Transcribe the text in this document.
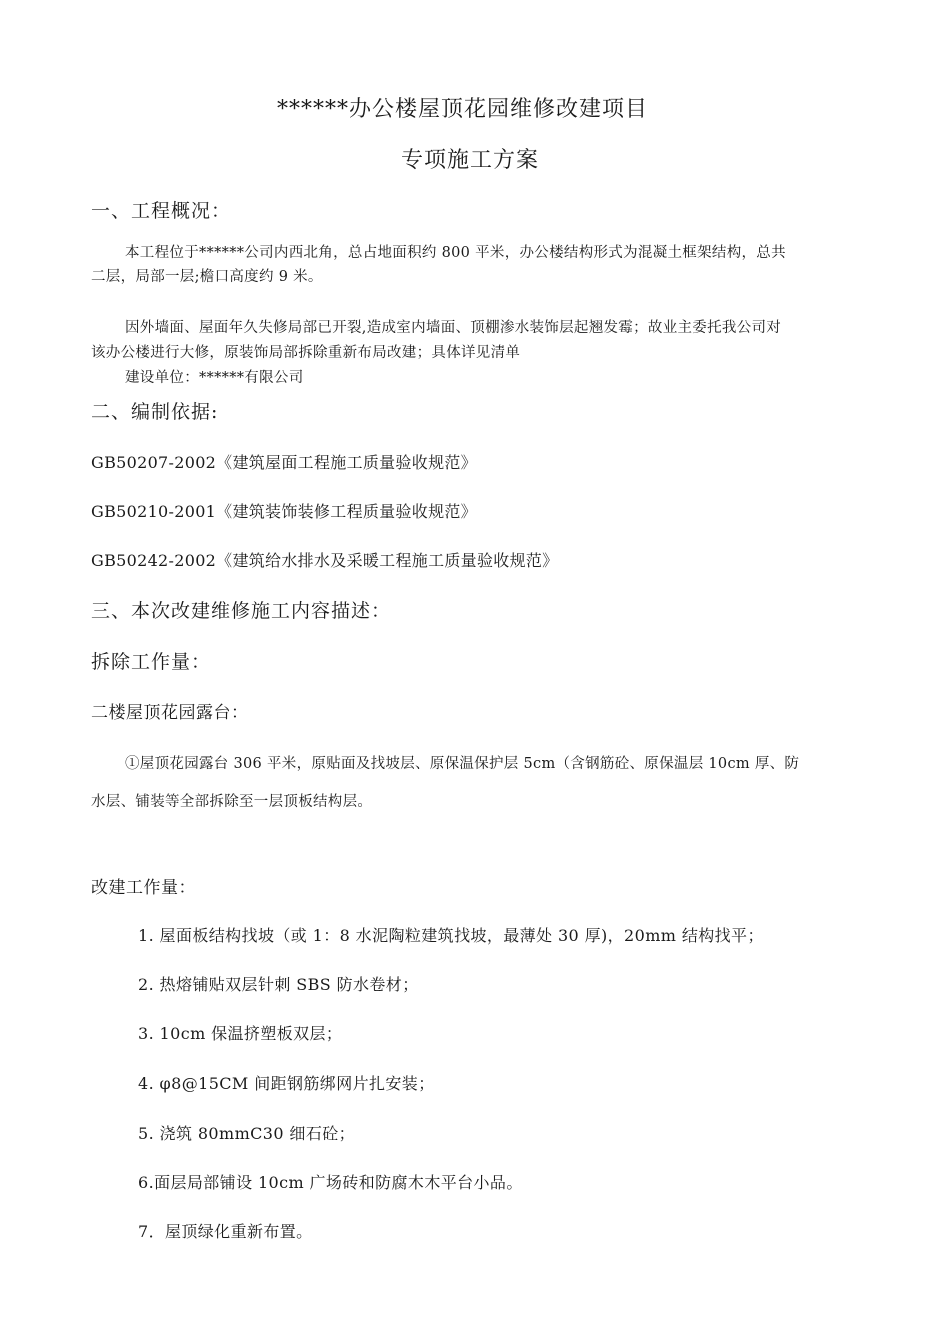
******办公楼屋顶花园维修改建项目
专项施工方案
一、工程概况：
本工程位于******公司内西北角，总占地面积约 800 平米，办公楼结构形式为混凝土框架结构，总共
二层，局部一层;檐口高度约 9 米。
因外墙面、屋面年久失修局部已开裂,造成室内墙面、顶棚渗水装饰层起翘发霉；故业主委托我公司对
该办公楼进行大修，原装饰局部拆除重新布局改建；具体详见清单
建设单位：******有限公司
二、编制依据:
GB50207-2002《建筑屋面工程施工质量验收规范》
GB50210-2001《建筑装饰装修工程质量验收规范》
GB50242-2002《建筑给水排水及采暖工程施工质量验收规范》
三、本次改建维修施工内容描述：
拆除工作量：
二楼屋顶花园露台：
①屋顶花园露台 306 平米，原贴面及找坡层、原保温保护层 5cm（含钢筋砼、原保温层 10cm 厚、防
水层、铺装等全部拆除至一层顶板结构层。
改建工作量：
1. 屋面板结构找坡（或 1：8 水泥陶粒建筑找坡，最薄处 30 厚)，20mm 结构找平；
2. 热熔铺贴双层针刺 SBS 防水卷材；
3. 10cm 保温挤塑板双层；
4. φ8@15CM 间距钢筋绑网片扎安装；
5. 浇筑 80mmC30 细石砼；
6.面层局部铺设 10cm 广场砖和防腐木木平台小品。
7．屋顶绿化重新布置。
